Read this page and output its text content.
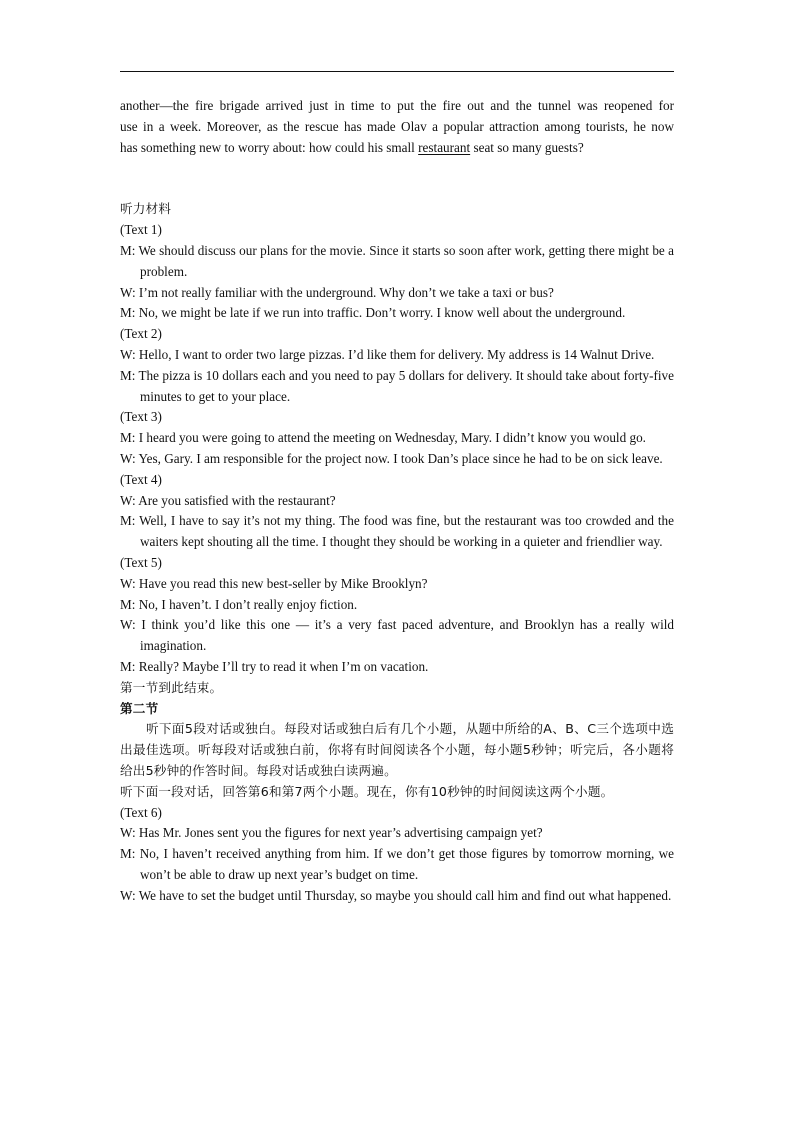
another—the fire brigade arrived just in time to put the fire out and the tunnel was reopened for
use in a week. Moreover, as the rescue has made Olav a popular attraction among tourists, he now
has something new to worry about: how could his small restaurant seat so many guests?
听力材料
(Text 1)
M: We should discuss our plans for the movie. Since it starts so soon after work, getting there might be a problem.
W: I’m not really familiar with the underground. Why don’t we take a taxi or bus?
M: No, we might be late if we run into traffic. Don’t worry. I know well about the underground.
(Text 2)
W: Hello, I want to order two large pizzas. I’d like them for delivery. My address is 14 Walnut Drive.
M: The pizza is 10 dollars each and you need to pay 5 dollars for delivery. It should take about forty-five minutes to get to your place.
(Text 3)
M: I heard you were going to attend the meeting on Wednesday, Mary. I didn’t know you would go.
W: Yes, Gary. I am responsible for the project now. I took Dan’s place since he had to be on sick leave.
(Text 4)
W: Are you satisfied with the restaurant?
M: Well, I have to say it’s not my thing. The food was fine, but the restaurant was too crowded and the waiters kept shouting all the time. I thought they should be working in a quieter and friendlier way.
(Text 5)
W: Have you read this new best-seller by Mike Brooklyn?
M: No, I haven’t. I don’t really enjoy fiction.
W: I think you’d like this one — it’s a very fast paced adventure, and Brooklyn has a really wild imagination.
M: Really? Maybe I’ll try to read it when I’m on vacation.
第一节到此结束。
第二节
听下面5段对话或独白。每段对话或独白后有几个小题，从题中所给的A、B、C三个选项中选出最佳选项。听每段对话或独白前，你将有时间阅读各个小题，每小题5秒钟；听完后，各小题将给出5秒钟的作答时间。每段对话或独白读两遍。
听下面一段对话，回答第6和第7两个小题。现在，你有10秒钟的时间阅读这两个小题。
(Text 6)
W: Has Mr. Jones sent you the figures for next year’s advertising campaign yet?
M: No, I haven’t received anything from him. If we don’t get those figures by tomorrow morning, we won’t be able to draw up next year’s budget on time.
W: We have to set the budget until Thursday, so maybe you should call him and find out what happened.
